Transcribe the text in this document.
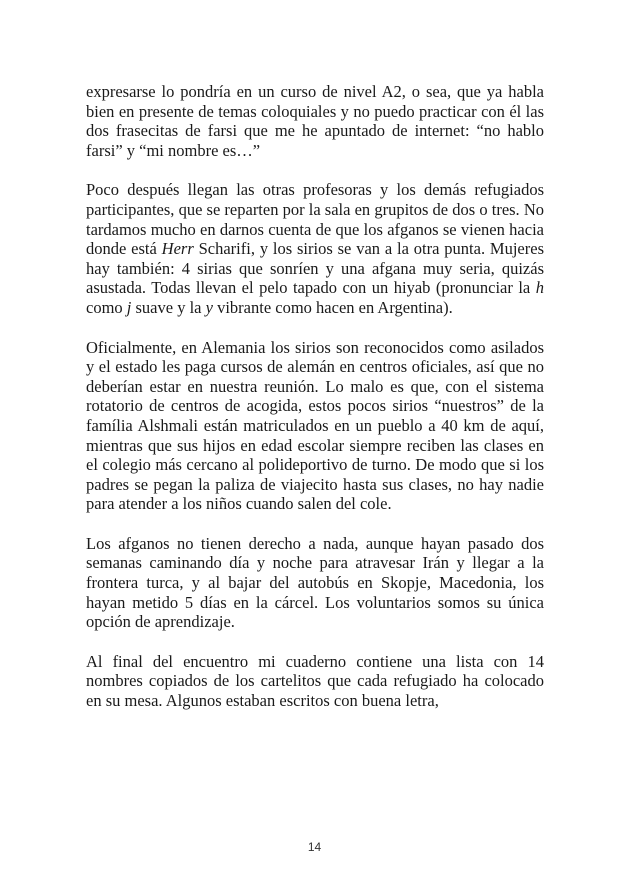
expresarse lo pondría en un curso de nivel A2, o sea, que ya habla bien en presente de temas coloquiales y no puedo practicar con él las dos frasecitas de farsi que me he apuntado de internet: “no hablo farsi” y “mi nombre es…”

Poco después llegan las otras profesoras y los demás refugiados participantes, que se reparten por la sala en grupitos de dos o tres. No tardamos mucho en darnos cuenta de que los afganos se vienen hacia donde está Herr Scharifi, y los sirios se van a la otra punta. Mujeres hay también: 4 sirias que sonríen y una afgana muy seria, quizás asustada. Todas llevan el pelo tapado con un hiyab (pronunciar la h como j suave y la y vibrante como hacen en Argentina).

Oficialmente, en Alemania los sirios son reconocidos como asilados y el estado les paga cursos de alemán en centros oficiales, así que no deberían estar en nuestra reunión. Lo malo es que, con el sistema rotatorio de centros de acogida, estos pocos sirios “nuestros” de la família Alshmali están matriculados en un pueblo a 40 km de aquí, mientras que sus hijos en edad escolar siempre reciben las clases en el colegio más cercano al polideportivo de turno. De modo que si los padres se pegan la paliza de viajecito hasta sus clases, no hay nadie para atender a los niños cuando salen del cole.

Los afganos no tienen derecho a nada, aunque hayan pasado dos semanas caminando día y noche para atravesar Irán y llegar a la frontera turca, y al bajar del autobús en Skopje, Macedonia, los hayan metido 5 días en la cárcel. Los voluntarios somos su única opción de aprendizaje.

Al final del encuentro mi cuaderno contiene una lista con 14 nombres copiados de los cartelitos que cada refugiado ha colocado en su mesa. Algunos estaban escritos con buena letra,

14
